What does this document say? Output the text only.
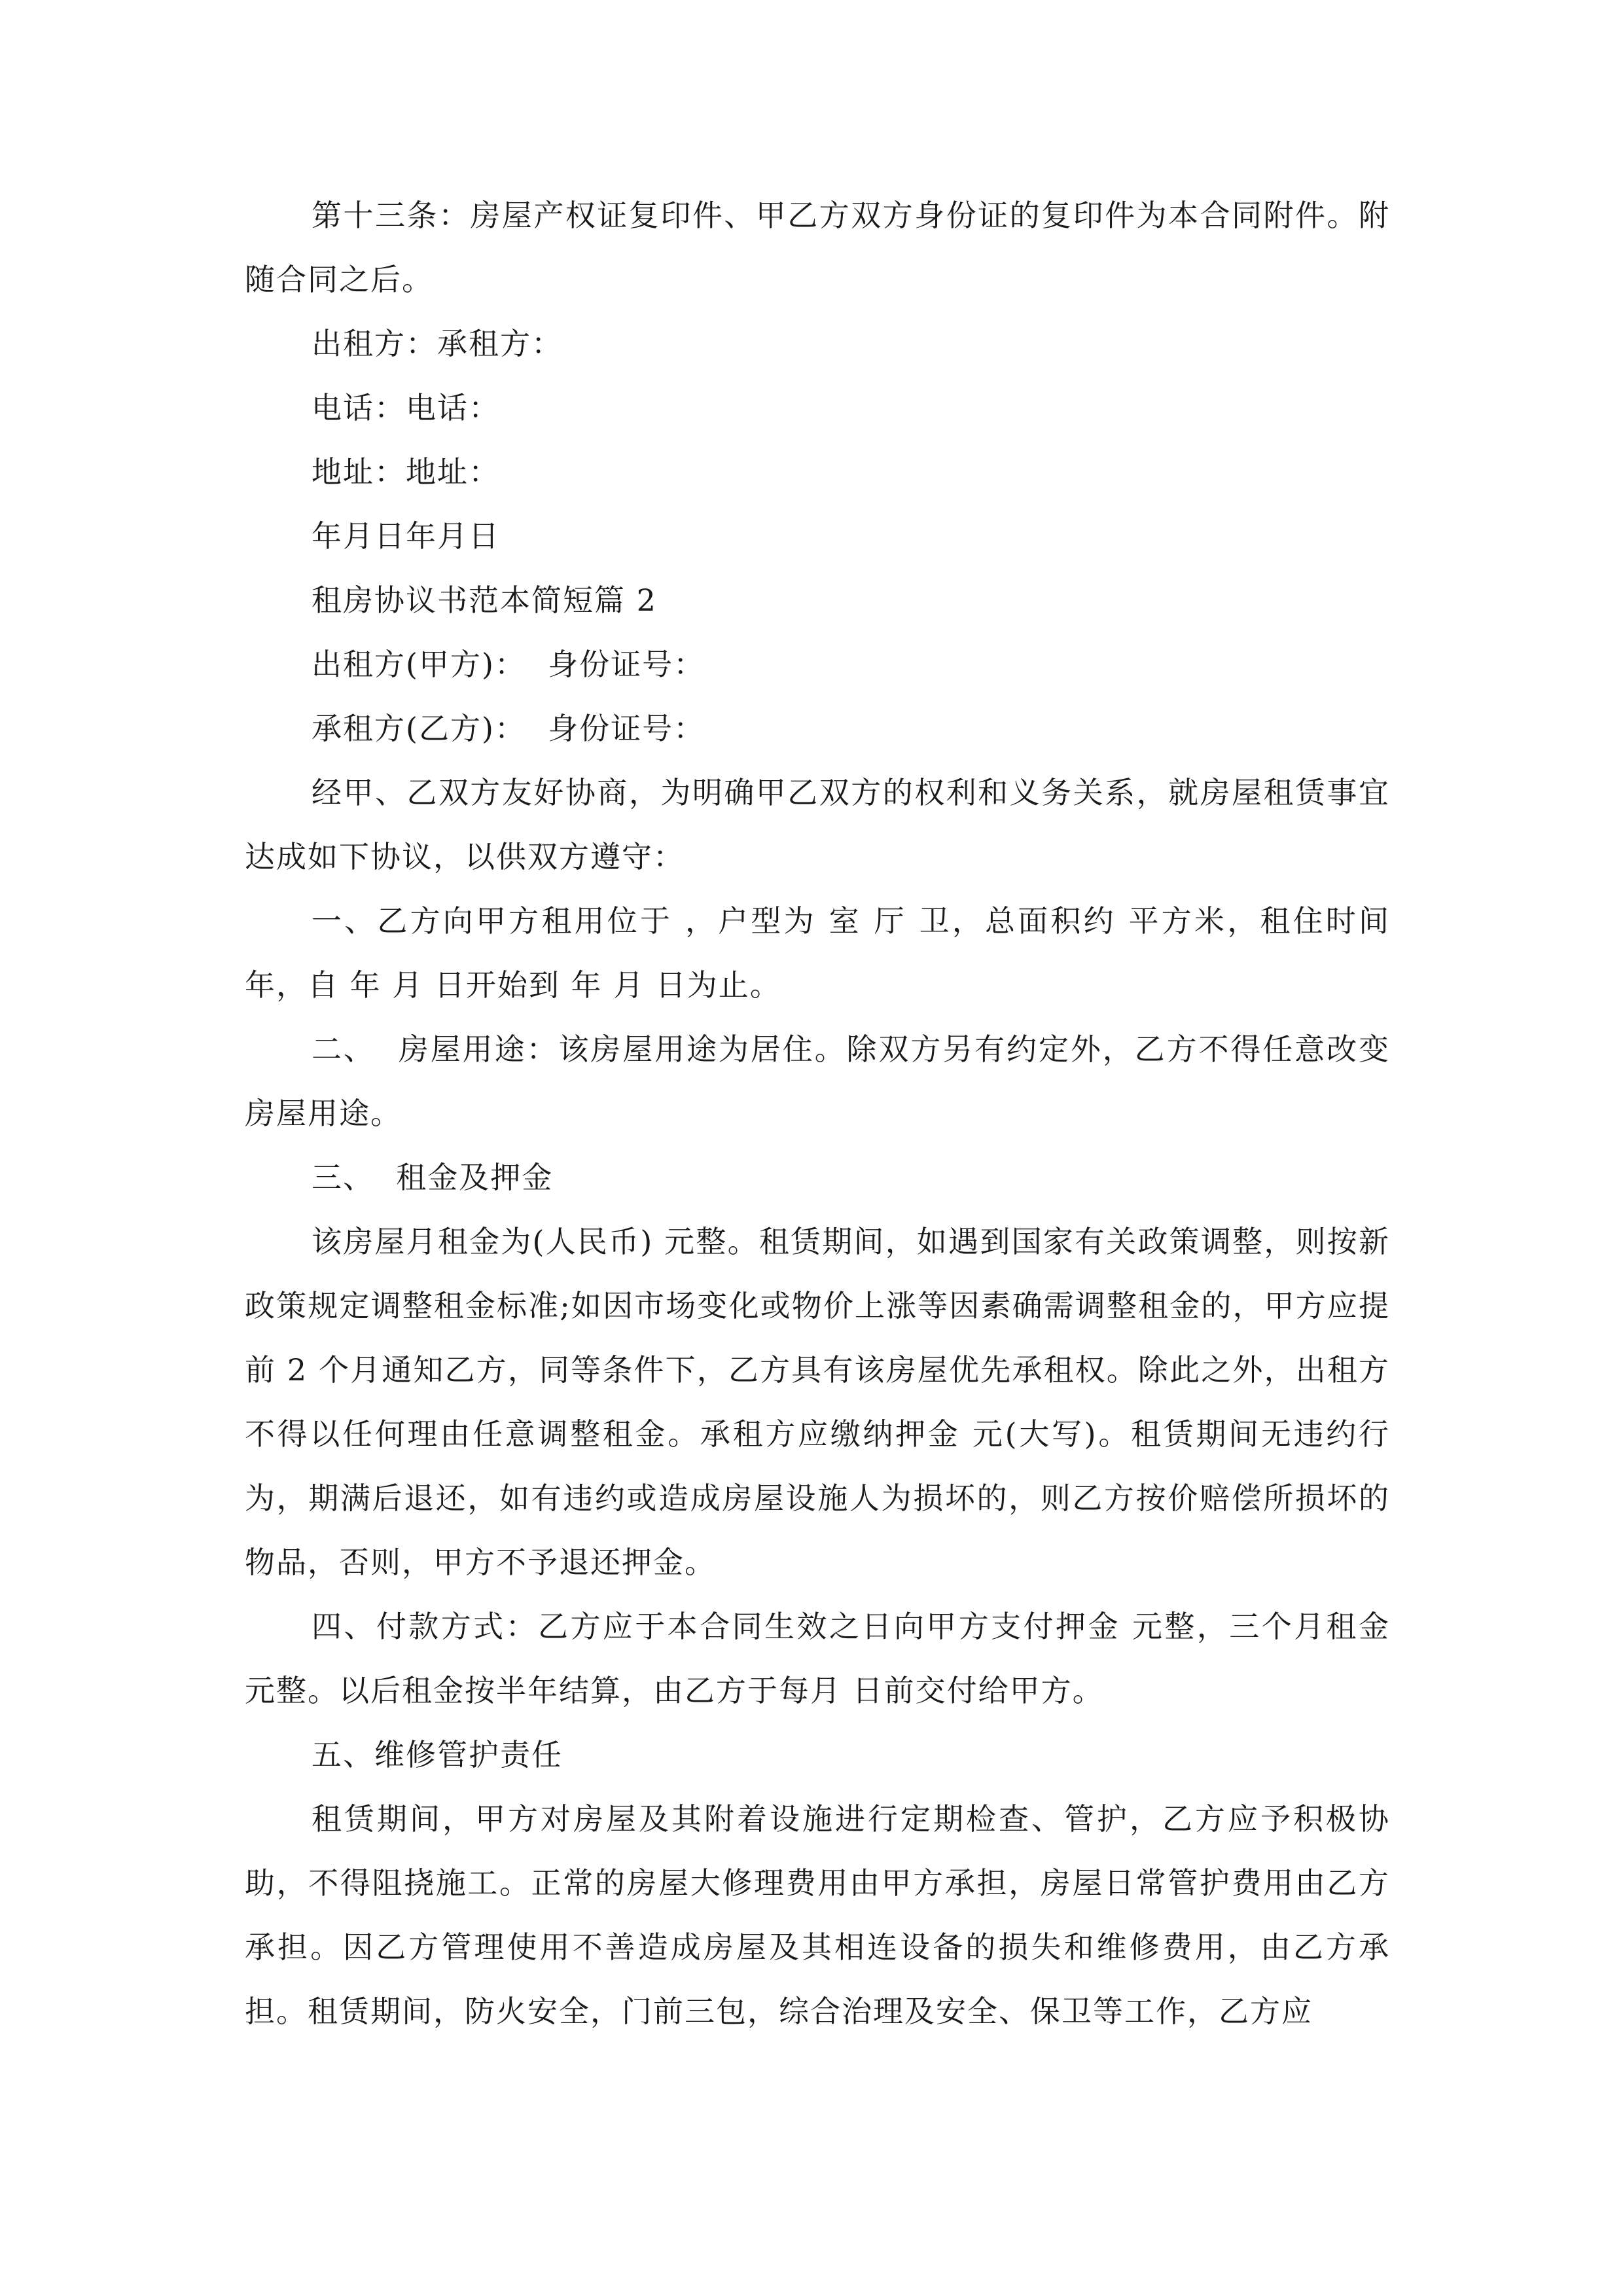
第十三条：房屋产权证复印件、甲乙方双方身份证的复印件为本合同附件。附随合同之后。

出租方：承租方：

电话：电话：

地址：地址：

年月日年月日

租房协议书范本简短篇 2

出租方(甲方)：  身份证号：

承租方(乙方)：  身份证号：

经甲、乙双方友好协商，为明确甲乙双方的权利和义务关系，就房屋租赁事宜达成如下协议，以供双方遵守：

一、乙方向甲方租用位于 ，户型为 室 厅 卫，总面积约 平方米，租住时间 年，自 年 月 日开始到 年 月 日为止。

二、  房屋用途：该房屋用途为居住。除双方另有约定外，乙方不得任意改变房屋用途。

三、  租金及押金

该房屋月租金为(人民币) 元整。租赁期间，如遇到国家有关政策调整，则按新政策规定调整租金标准;如因市场变化或物价上涨等因素确需调整租金的，甲方应提前 2 个月通知乙方，同等条件下，乙方具有该房屋优先承租权。除此之外，出租方不得以任何理由任意调整租金。承租方应缴纳押金 元(大写)。租赁期间无违约行为，期满后退还，如有违约或造成房屋设施人为损坏的，则乙方按价赔偿所损坏的物品，否则，甲方不予退还押金。

四、付款方式：乙方应于本合同生效之日向甲方支付押金 元整，三个月租金 元整。以后租金按半年结算，由乙方于每月 日前交付给甲方。

五、维修管护责任

租赁期间，甲方对房屋及其附着设施进行定期检查、管护，乙方应予积极协助，不得阻挠施工。正常的房屋大修理费用由甲方承担，房屋日常管护费用由乙方承担。因乙方管理使用不善造成房屋及其相连设备的损失和维修费用，由乙方承担。租赁期间，防火安全，门前三包，综合治理及安全、保卫等工作，乙方应
